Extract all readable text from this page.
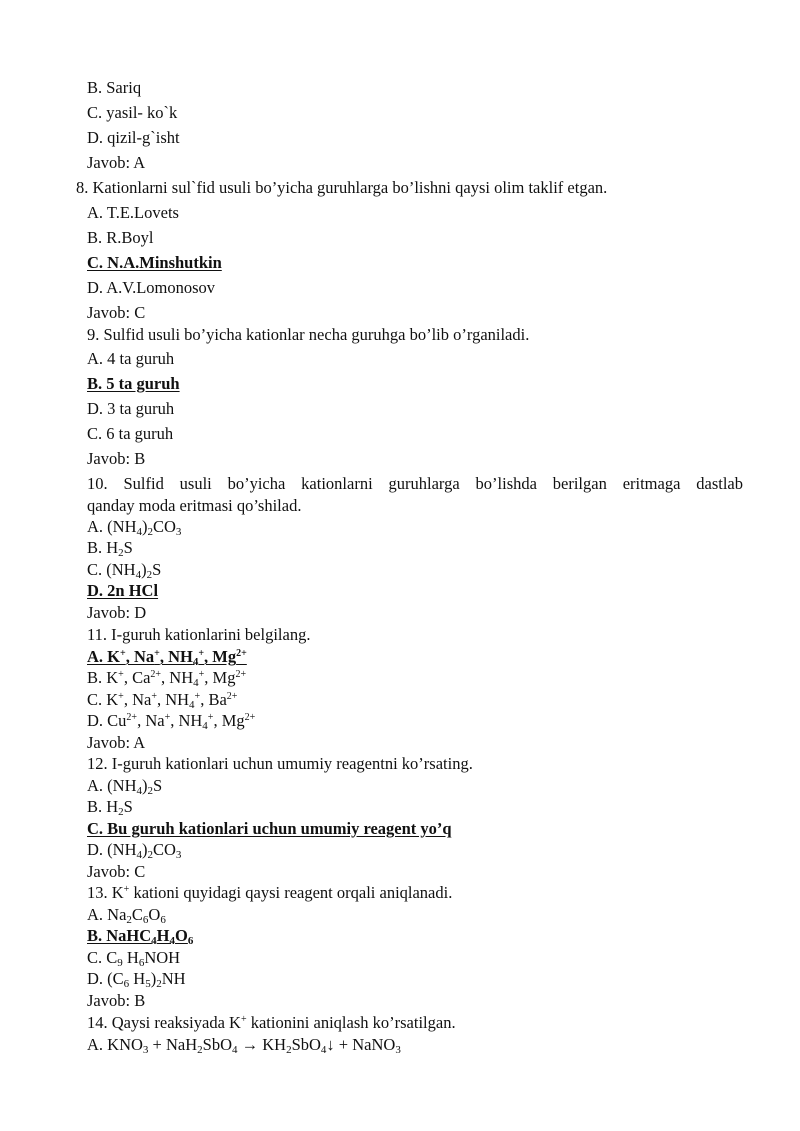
B. Sariq
C. yasil- ko`k
D. qizil-g`isht
Javob: A
8. Kationlarni sul`fid usuli bo’yicha guruhlarga bo’lishni qaysi olim taklif etgan.
A. T.E.Lovets
B. R.Boyl
C. N.A.Minshutkin
D. A.V.Lomonosov
Javob: C
9. Sulfid usuli bo’yicha kationlar necha guruhga bo’lib o’rganiladi.
A. 4 ta guruh
B. 5 ta guruh
D. 3 ta guruh
C. 6 ta guruh
Javob: B
10. Sulfid usuli bo’yicha kationlarni guruhlarga bo’lishda berilgan eritmaga dastlab
qanday moda eritmasi qo’shilad.
A. $(NH_4)_2CO_3$
B. $H_2S$
C. $(NH_4)_2S$
D. 2n HCl
Javob: D
11. I-guruh kationlarini belgilang.
A. K+, Na+, $NH_4^+$, $Mg^{2+}$
B. K+, $Ca^{2+}$, $NH_4^+$, $Mg^{2+}$
C. K+, Na+, $NH_4^+$, $Ba^{2+}$
D. $Cu^{2+}$, Na+, $NH_4^+$, $Mg^{2+}$
Javob: A
12. I-guruh kationlari uchun umumiy reagentni ko’rsating.
A. $(NH_4)_2S$
B. $H_2S$
C. Bu guruh kationlari uchun umumiy reagent yo’q
D. $(NH_4)_2CO_3$
Javob: C
13. K+ kationi quyidagi qaysi reagent orqali aniqlanadi.
A. $Na_2C_6O_6$
B. $NaHC_4H_4O_6$
C. $C_9$ $H_6NOH$
D. ($C_6$ $H_5)_2NH$
Javob: B
14. Qaysi reaksiyada K+ kationini aniqlash ko’rsatilgan.
A. $KNO_3 + NaH_2SbO_4$ → $KH_2SbO_4↓$ + NaNO$_3$
